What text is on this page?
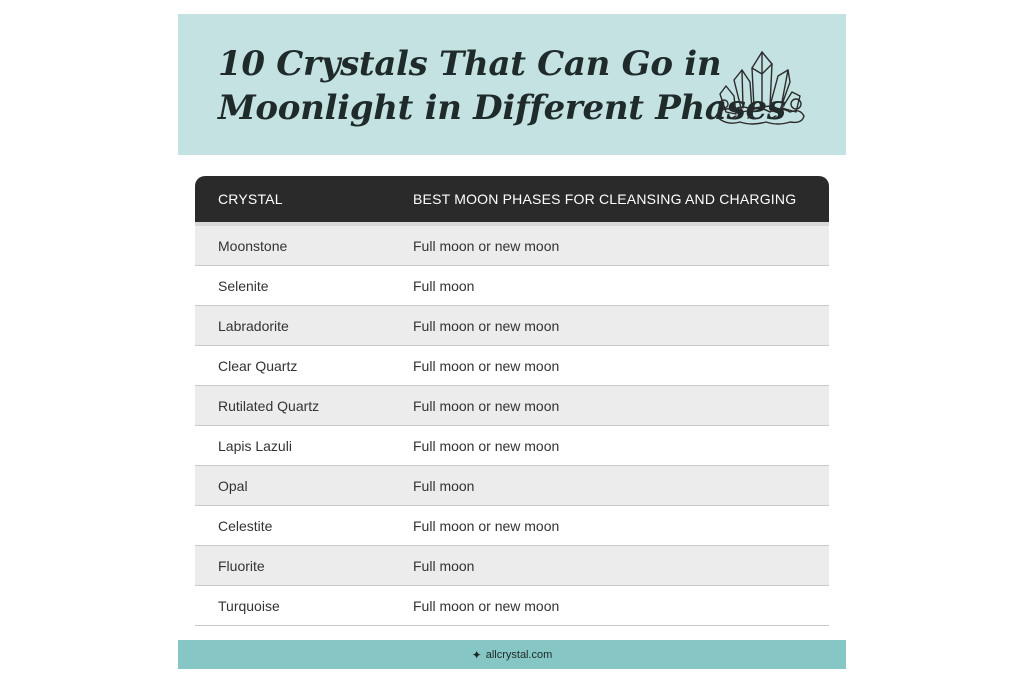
10 Crystals That Can Go in
Moonlight in Different Phases
CRYSTAL	BEST MOON PHASES FOR CLEANSING AND CHARGING
Moonstone	Full moon or new moon
Selenite	Full moon
Labradorite	Full moon or new moon
Clear Quartz	Full moon or new moon
Rutilated Quartz	Full moon or new moon
Lapis Lazuli	Full moon or new moon
Opal	Full moon
Celestite	Full moon or new moon
Fluorite	Full moon
Turquoise	Full moon or new moon
✦ allcrystal.com
